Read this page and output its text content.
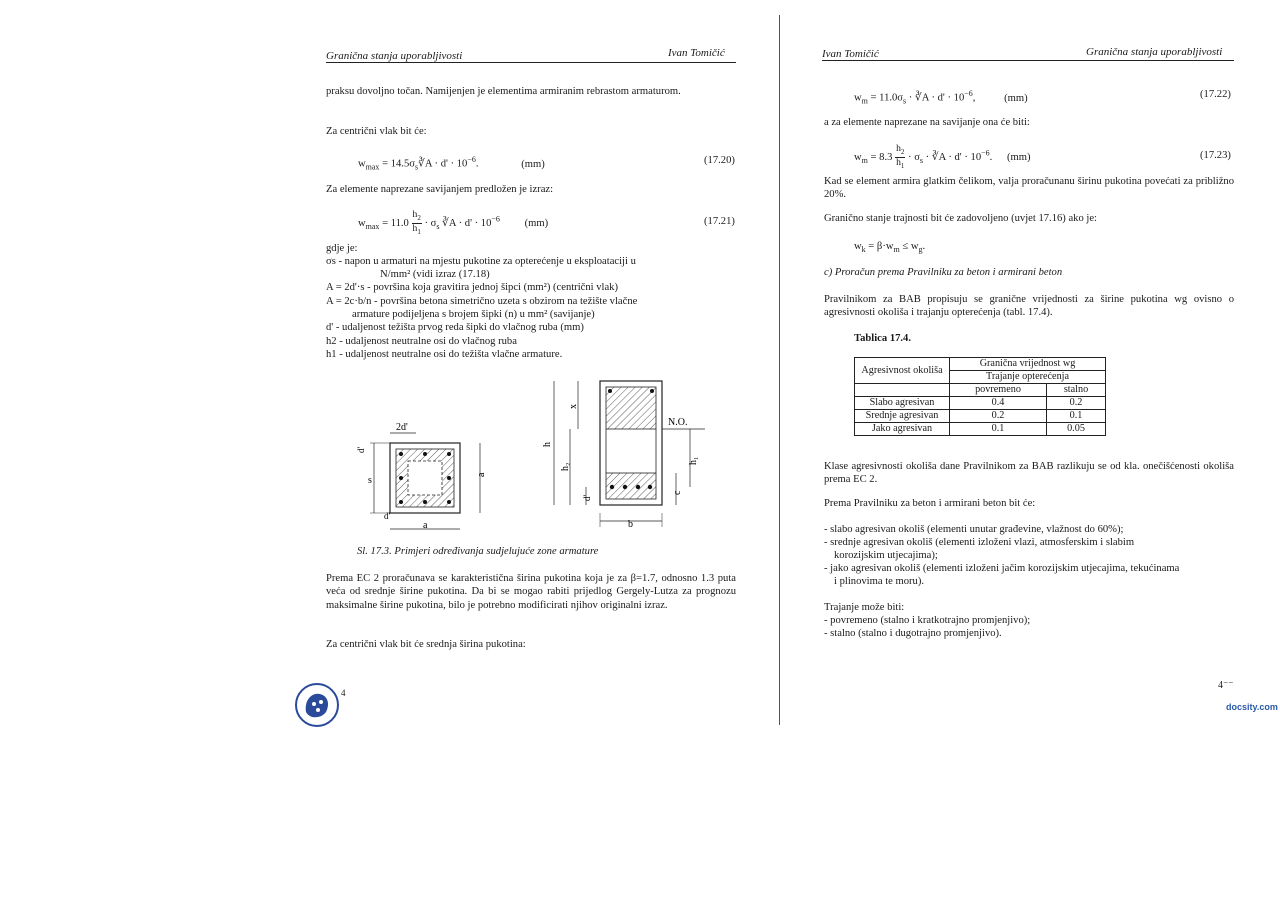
Granična stanja uporabljivosti	Ivan Tomičić
praksu dovoljno točan. Namijenjen je elementima armiranim rebrastom armaturom.
Za centrični vlak bit će:
$w_{max}$ = $14.5\sigma_s∛A \cdot d' \cdot 10^{-6}$.	(mm)	(17.20)
Za elemente naprezane savijanjem predložen je izraz:
$w_{max} = 11.0 \frac{h_2}{h_1} \cdot \sigma_s$ ∛A · $d' \cdot 10^{-6}$ (mm)	(17.21)
gdje je:
σs - napon u armaturi na mjestu pukotine za opterećenje u eksploataciji u
N/mm² (vidi izraz (17.18)
A = 2d'·s - površina koja gravitira jednoj šipci (mm²) (centrični vlak)
A = 2c·b/n - površina betona simetrično uzeta s obzirom na težište vlačne
armature podijeljena s brojem šipki (n) u mm² (savijanje)
d' - udaljenost težišta prvog reda šipki do vlačnog ruba (mm)
h2 - udaljenost neutralne osi do vlačnog ruba
h1 - udaljenost neutralne osi do težišta vlačne armature.
2d'
d'
s
a
d'
a
h
x
h₂
N.O.
h₁
c
d'
b
Sl. 17.3. Primjeri određivanja sudjelujuće zone armature
Prema EC 2 proračunava se karakteristična širina pukotina koja je za β=1.7, odnosno 1.3 puta veća od srednje širine pukotina. Da bi se mogao rabiti prijedlog Gergely-Lutza za prognozu maksimalne širine pukotina, bilo je potrebno modificirati njihov originalni izraz.
Za centrični vlak bit će srednja širina pukotina:
4
Ivan Tomičić	Granična stanja uporabljivosti
$w_m = 11.0\sigma_s$ · ∛A · $d' \cdot 10^{-6}$, (mm)	(17.22)
a za elemente naprezane na savijanje ona će biti:
$w_m = 8.3 \frac{h_2}{h_1} \cdot \sigma_s$ · ∛A · $d' \cdot 10^{-6}$. (mm)	(17.23)
Kad se element armira glatkim čelikom, valja proračunanu širinu pukotina povećati za približno 20%.
Granično stanje trajnosti bit će zadovoljeno (uvjet 17.16) ako je:
$w_k = \beta\cdot w_m \le w_g$.
c) Proračun prema Pravilniku za beton i armirani beton
Pravilnikom za BAB propisuju se granične vrijednosti za širine pukotina wg ovisno o agresivnosti okoliša i trajanju opterećenja (tabl. 17.4).
Tablica 17.4.
Agresivnost okoliša	Granična vrijednost wg	
	Trajanje opterećenja	
	povremeno	stalno
Slabo agresivan	0.4	0.2
Srednje agresivan	0.2	0.1
Jako agresivan	0.1	0.05
Klase agresivnosti okoliša dane Pravilnikom za BAB razlikuju se od kla. onečišćenosti okoliša prema EC 2.
Prema Pravilniku za beton i armirani beton bit će:
- slabo agresivan okoliš (elementi unutar građevine, vlažnost do 60%);
- srednje agresivan okoliš (elementi izloženi vlazi, atmosferskim i slabim
korozijskim utjecajima);
- jako agresivan okoliš (elementi izloženi jačim korozijskim utjecajima, tekućinama
i plinovima te moru).
Trajanje može biti:
- povremeno (stalno i kratkotrajno promjenjivo);
- stalno (stalno i dugotrajno promjenjivo).
4⁻⁻
docsity.com
